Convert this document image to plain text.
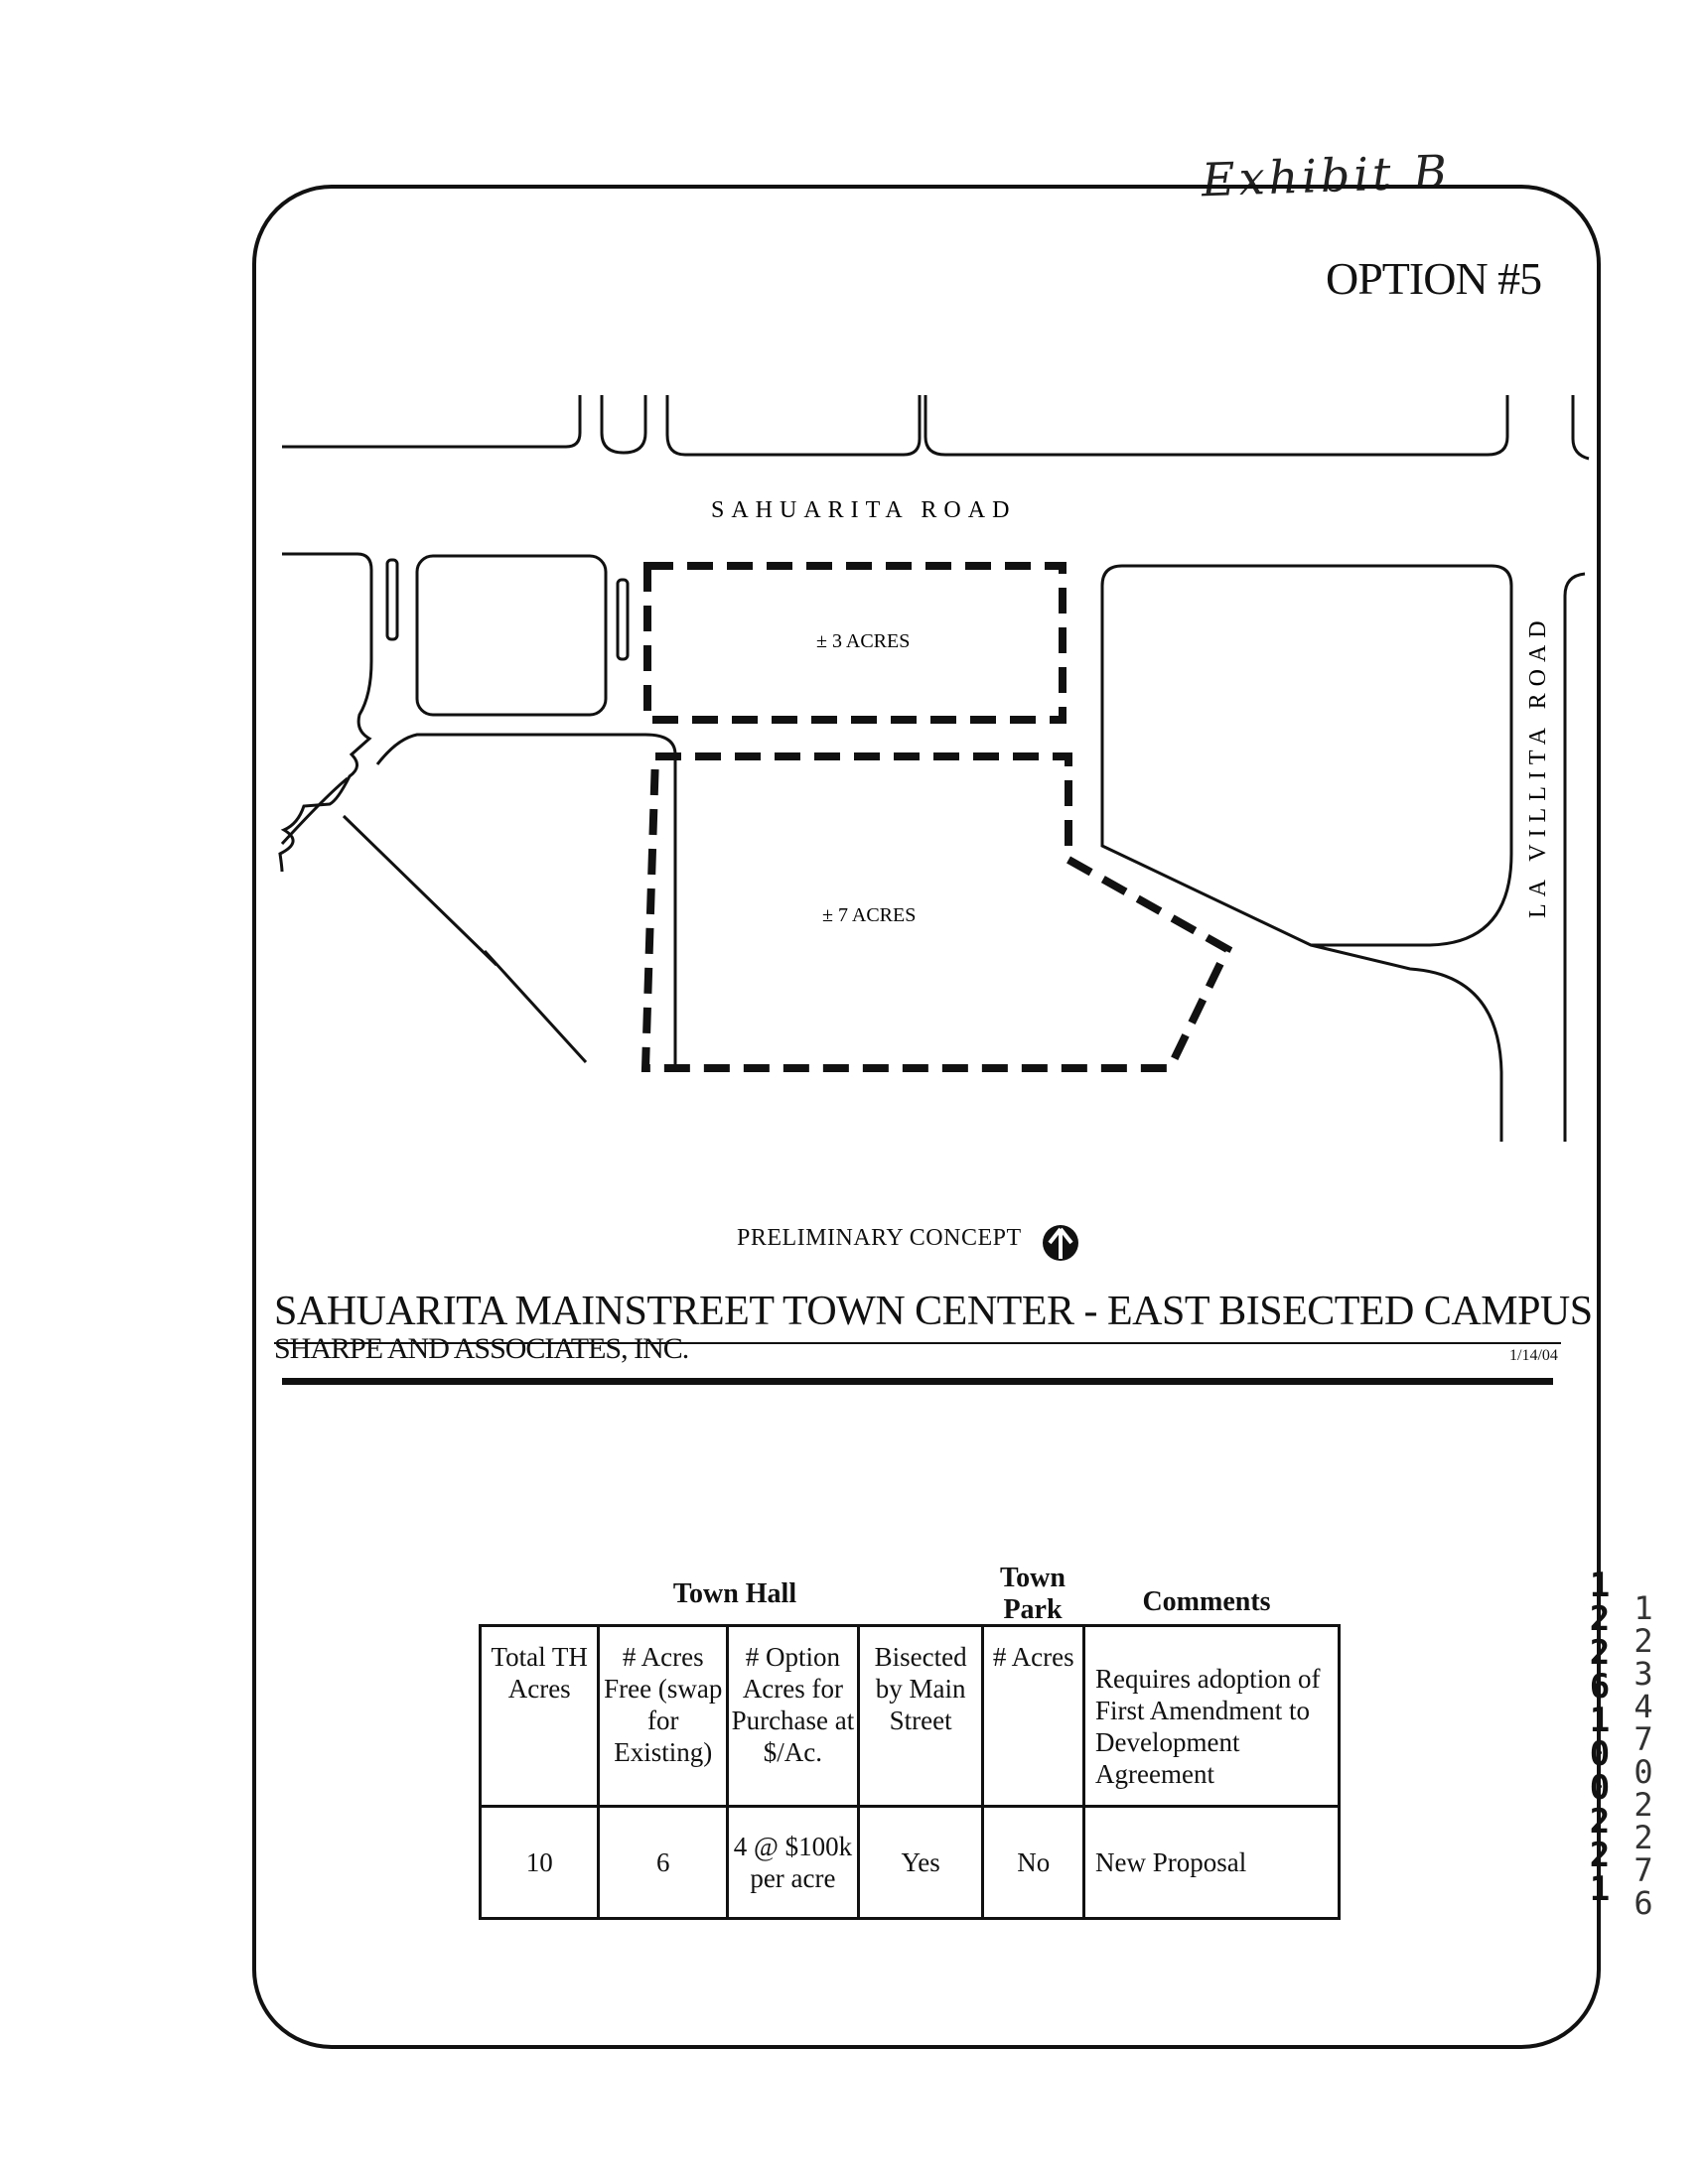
Exhibit B
OPTION #5
SAHUARITA ROAD
LA VILLITA ROAD
± 3 ACRES
± 7 ACRES
PRELIMINARY CONCEPT
SAHUARITA MAINSTREET TOWN CENTER - EAST BISECTED CAMPUS
SHARPE AND ASSOCIATES, INC.	1/14/04
Town Hall
Town Park	Comments
Total TH Acres	# Acres Free (swap for Existing)	# Option Acres for Purchase at $/Ac.	Bisected by Main Street	# Acres	Requires adoption of First Amendment to Development Agreement
10	6	4 @ $100k per acre	Yes	No	New Proposal
1
2
2
6
1
0
0
2
2
1
1
2
3
4
7
0
2
2
7
6
